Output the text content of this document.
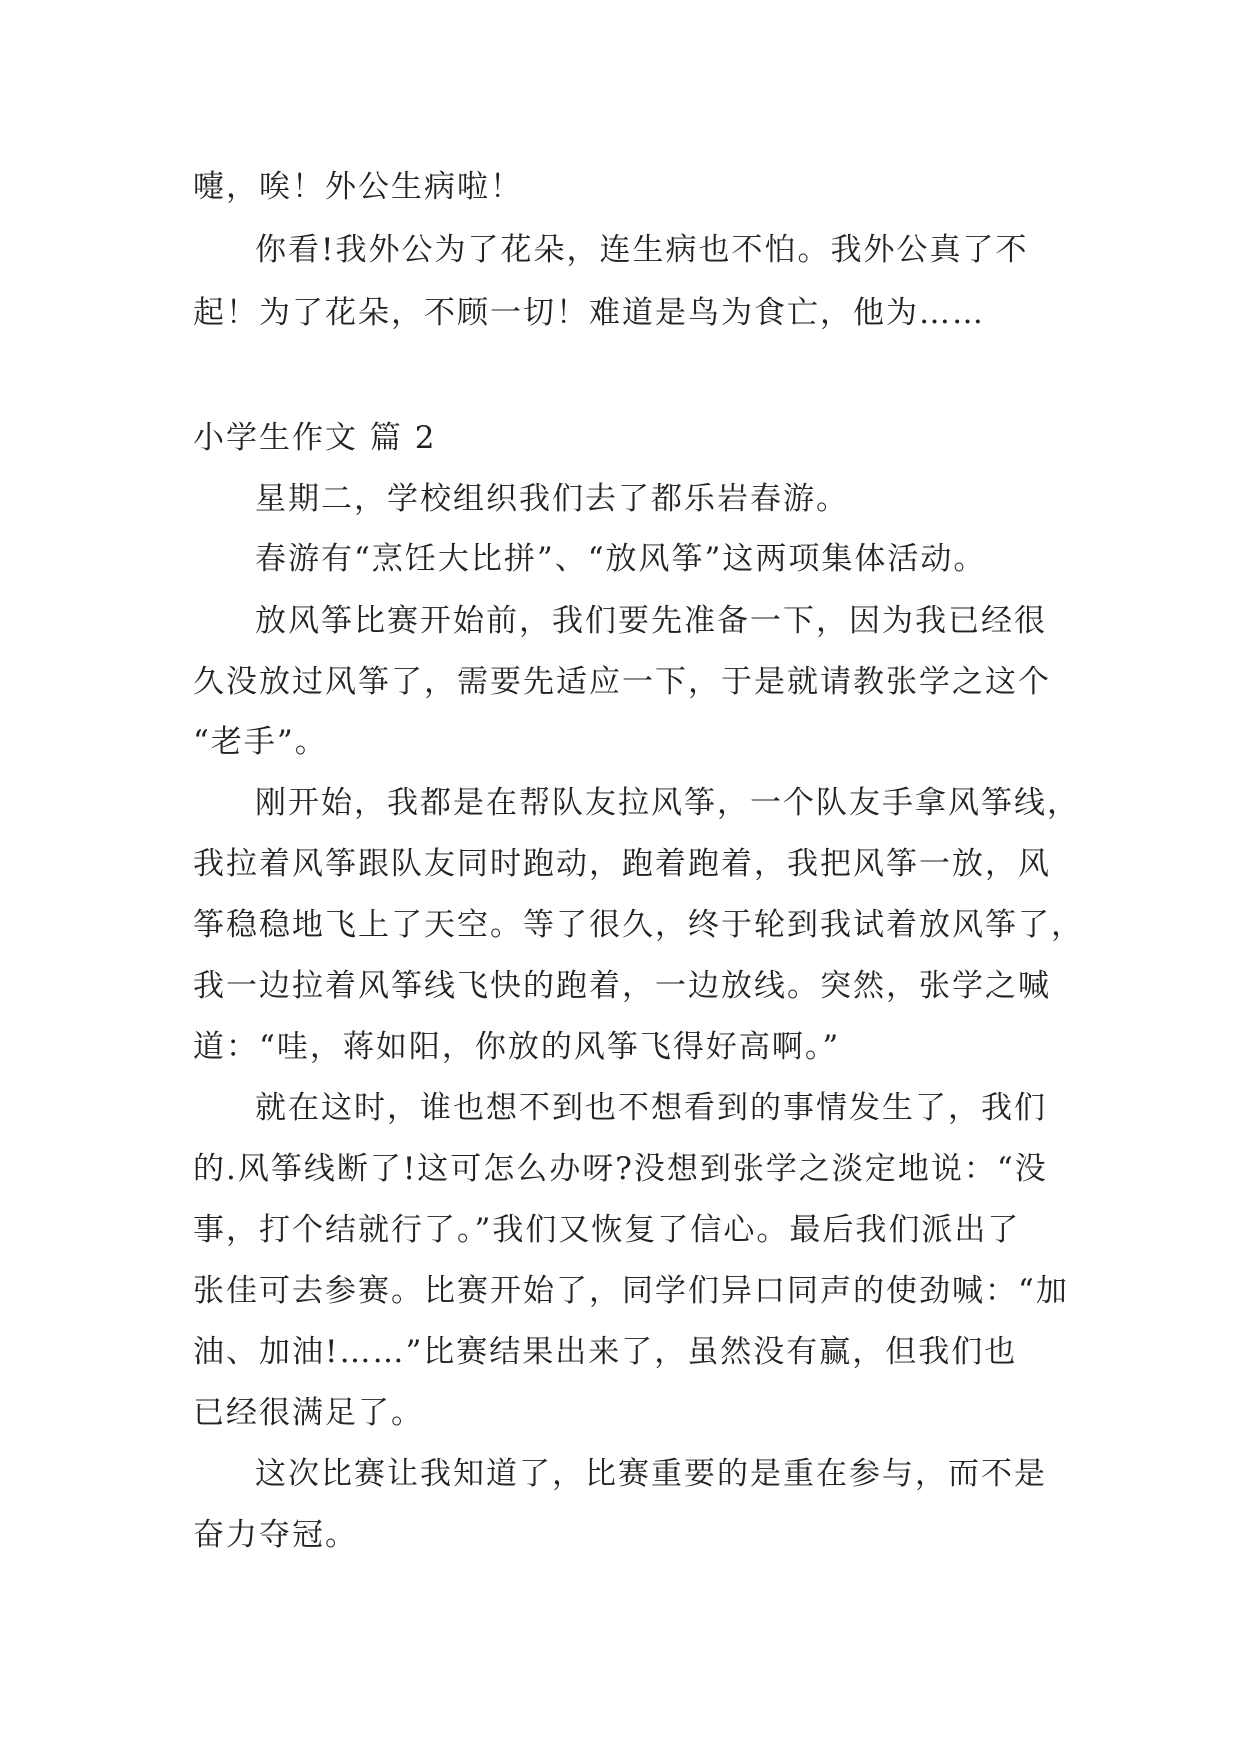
嚏，唉！外公生病啦！
你看!我外公为了花朵，连生病也不怕。我外公真了不
起！为了花朵，不顾一切！难道是鸟为食亡，他为……
小学生作文 篇 2
星期二，学校组织我们去了都乐岩春游。
春游有“烹饪大比拼”、“放风筝”这两项集体活动。
放风筝比赛开始前，我们要先准备一下，因为我已经很
久没放过风筝了，需要先适应一下，于是就请教张学之这个
“老手”。
刚开始，我都是在帮队友拉风筝，一个队友手拿风筝线，
我拉着风筝跟队友同时跑动，跑着跑着，我把风筝一放，风
筝稳稳地飞上了天空。等了很久，终于轮到我试着放风筝了，
我一边拉着风筝线飞快的跑着，一边放线。突然，张学之喊
道：“哇，蒋如阳，你放的风筝飞得好高啊。”
就在这时，谁也想不到也不想看到的事情发生了，我们
的.风筝线断了!这可怎么办呀?没想到张学之淡定地说：“没
事，打个结就行了。”我们又恢复了信心。最后我们派出了
张佳可去参赛。比赛开始了，同学们异口同声的使劲喊：“加
油、加油!……”比赛结果出来了，虽然没有赢，但我们也
已经很满足了。
这次比赛让我知道了，比赛重要的是重在参与，而不是
奋力夺冠。
